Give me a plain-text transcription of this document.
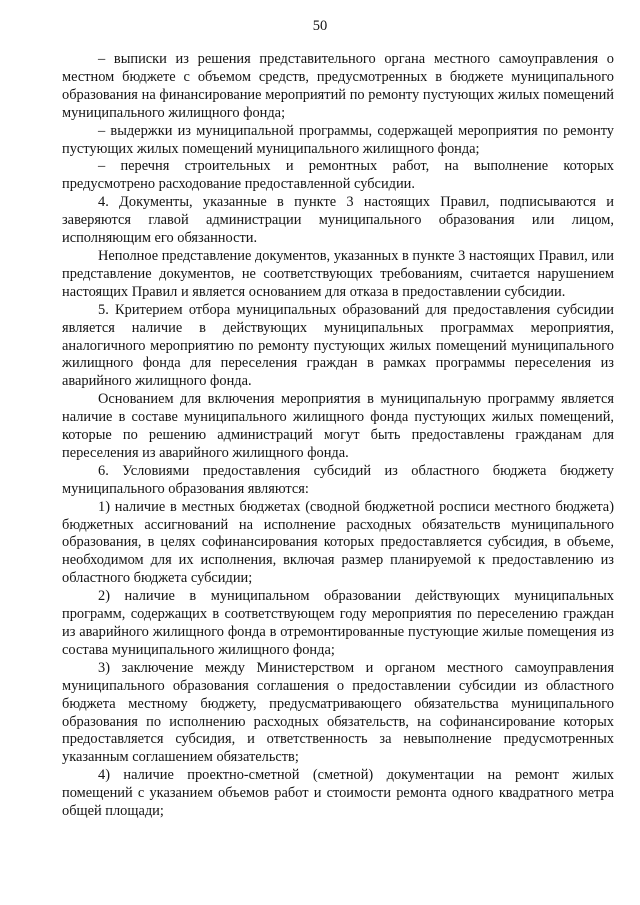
50

– выписки из решения представительного органа местного самоуправления о местном бюджете с объемом средств, предусмотренных в бюджете муниципального образования на финансирование мероприятий по ремонту пустующих жилых помещений муниципального жилищного фонда;

– выдержки из муниципальной программы, содержащей мероприятия по ремонту пустующих жилых помещений муниципального жилищного фонда;

– перечня строительных и ремонтных работ, на выполнение которых предусмотрено расходование предоставленной субсидии.

4. Документы, указанные в пункте 3 настоящих Правил, подписываются и заверяются главой администрации муниципального образования или лицом, исполняющим его обязанности.

Неполное представление документов, указанных в пункте 3 настоящих Правил, или представление документов, не соответствующих требованиям, считается нарушением настоящих Правил и является основанием для отказа в предоставлении субсидии.

5. Критерием отбора муниципальных образований для предоставления субсидии является наличие в действующих муниципальных программах мероприятия, аналогичного мероприятию по ремонту пустующих жилых помещений муниципального жилищного фонда для переселения граждан в рамках программы переселения из аварийного жилищного фонда.

Основанием для включения мероприятия в муниципальную программу является наличие в составе муниципального жилищного фонда пустующих жилых помещений, которые по решению администраций могут быть предоставлены гражданам для переселения из аварийного жилищного фонда.

6. Условиями предоставления субсидий из областного бюджета бюджету муниципального образования являются:

1) наличие в местных бюджетах (сводной бюджетной росписи местного бюджета) бюджетных ассигнований на исполнение расходных обязательств муниципального образования, в целях софинансирования которых предоставляется субсидия, в объеме, необходимом для их исполнения, включая размер планируемой к предоставлению из областного бюджета субсидии;

2) наличие в муниципальном образовании действующих муниципальных программ, содержащих в соответствующем году мероприятия по переселению граждан из аварийного жилищного фонда в отремонтированные пустующие жилые помещения из состава муниципального жилищного фонда;

3) заключение между Министерством и органом местного самоуправления муниципального образования соглашения о предоставлении субсидии из областного бюджета местному бюджету, предусматривающего обязательства муниципального образования по исполнению расходных обязательств, на софинансирование которых предоставляется субсидия, и ответственность за невыполнение предусмотренных указанным соглашением обязательств;

4) наличие проектно-сметной (сметной) документации на ремонт жилых помещений с указанием объемов работ и стоимости ремонта одного квадратного метра общей площади;
